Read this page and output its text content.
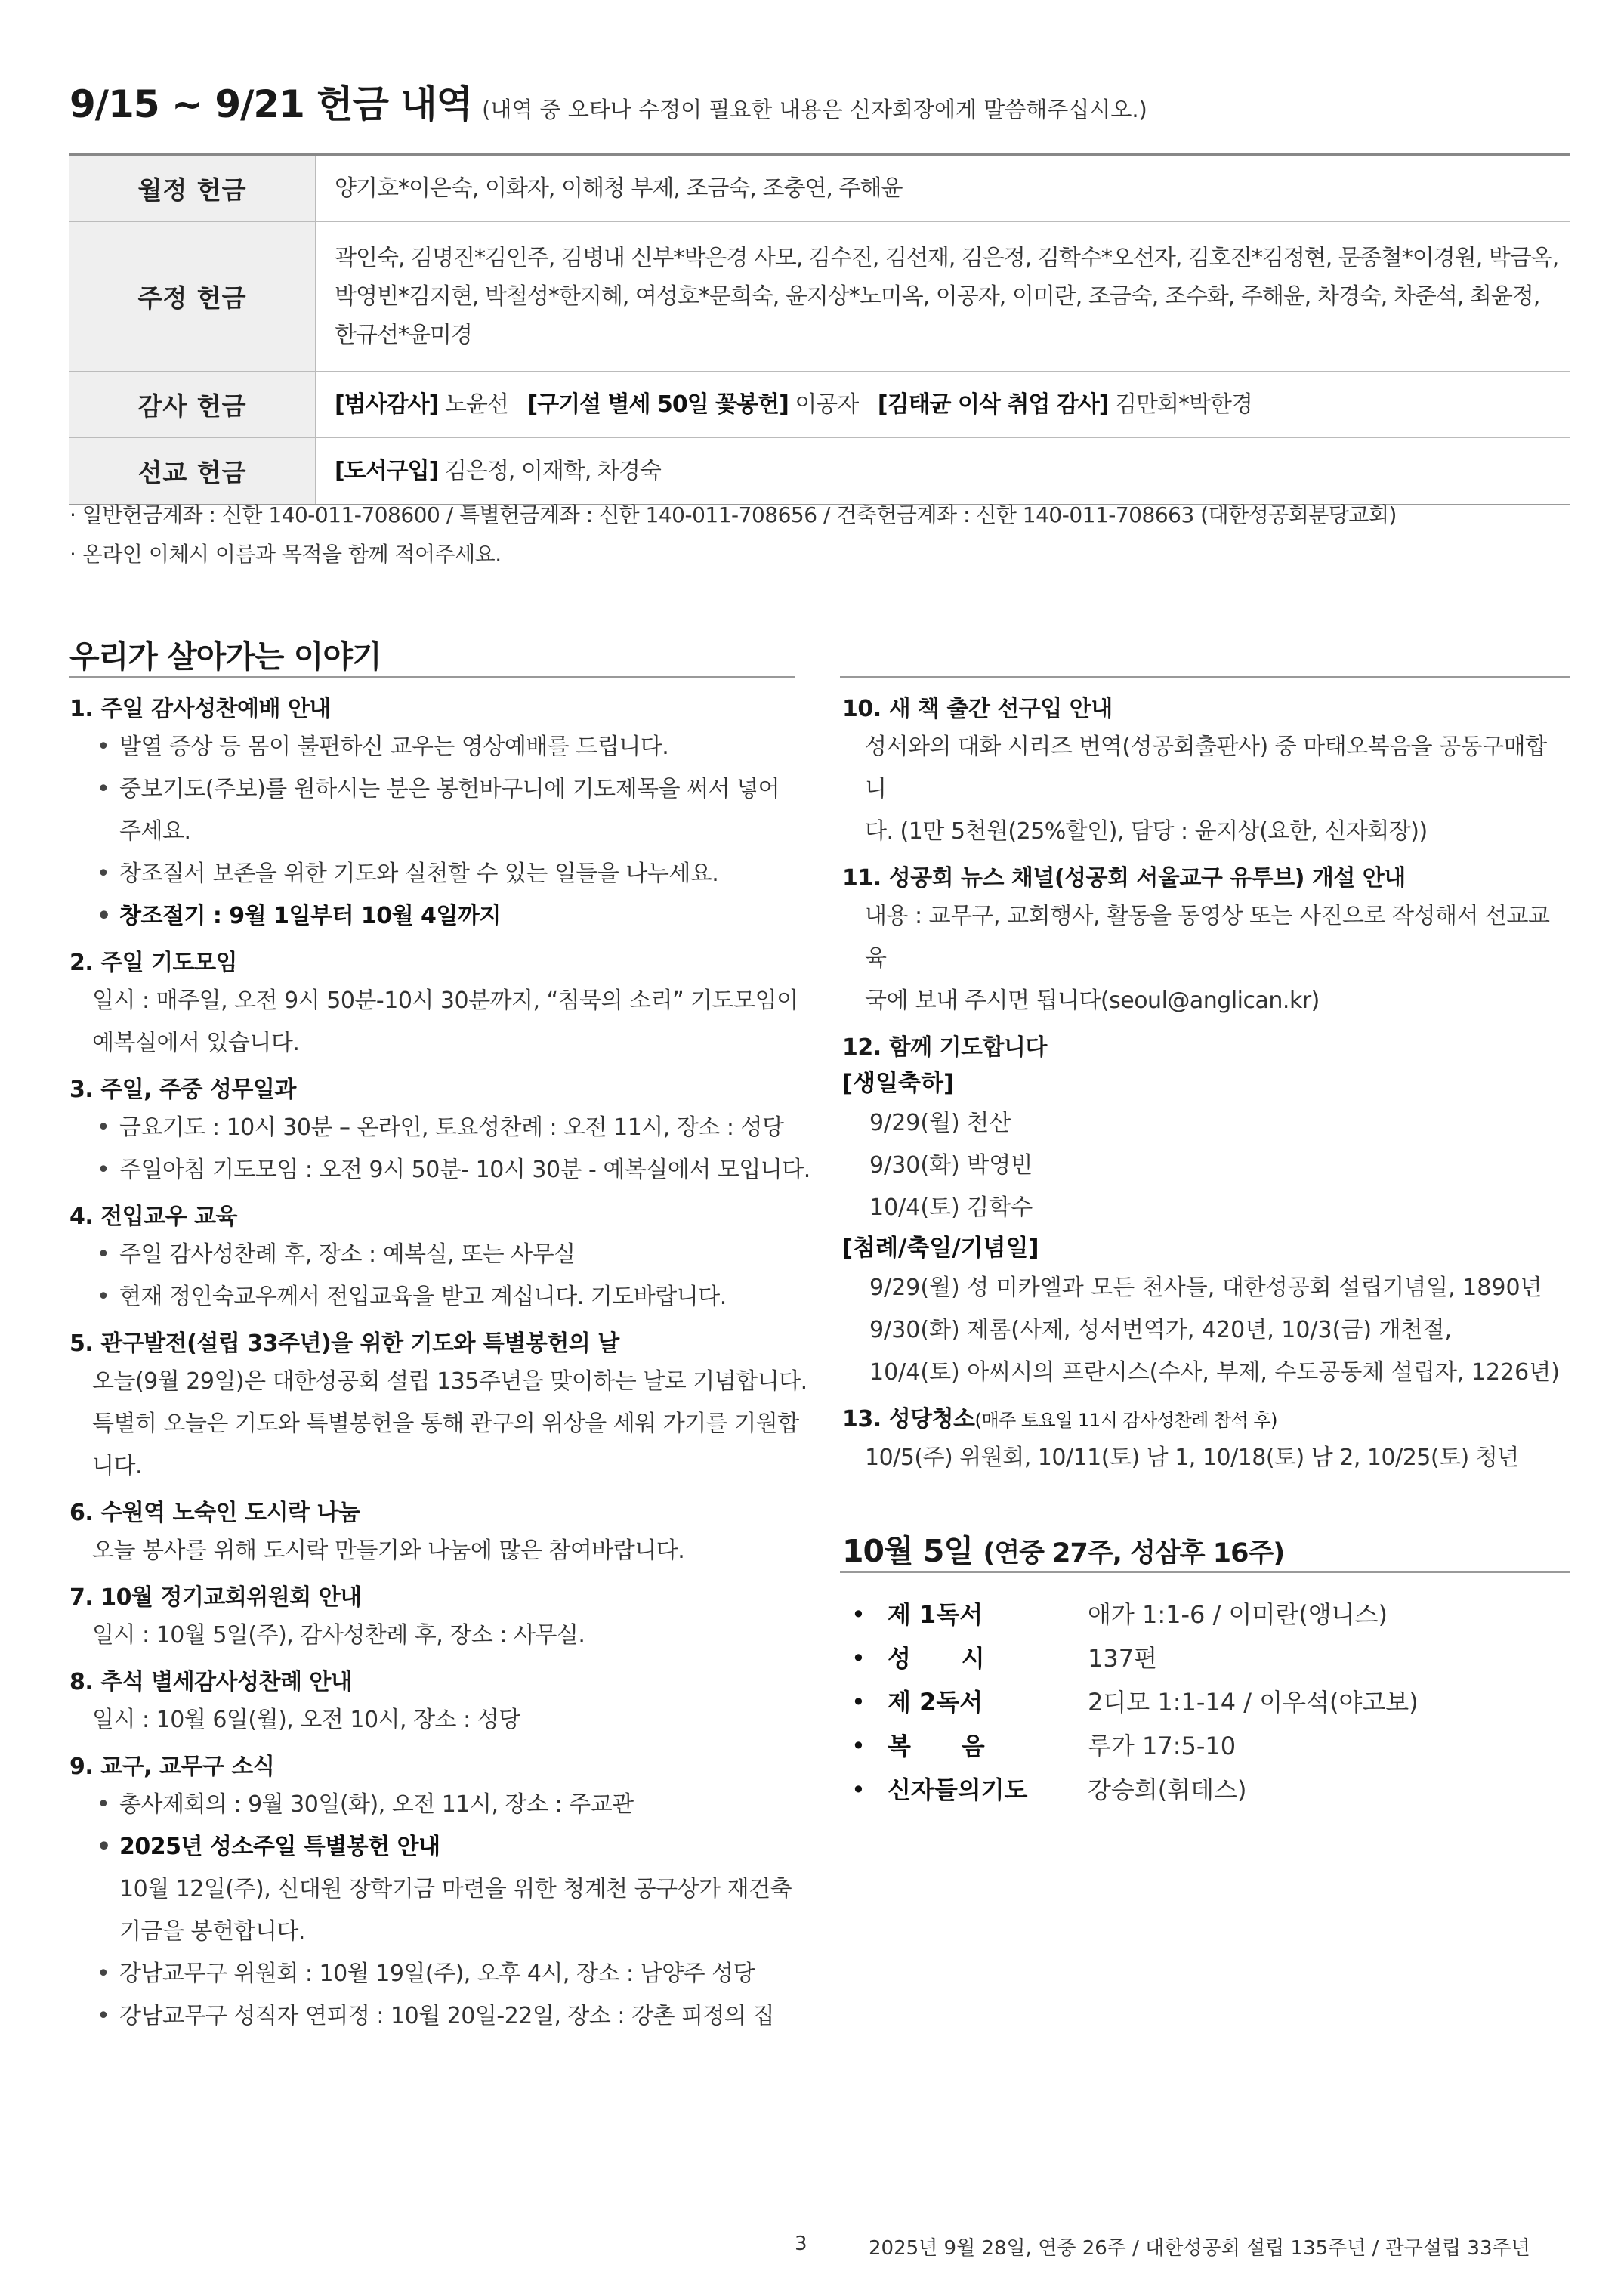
9/15 ~ 9/21 헌금 내역 (내역 중 오타나 수정이 필요한 내용은 신자회장에게 말씀해주십시오.)
월정 헌금	양기호*이은숙, 이화자, 이해청 부제, 조금숙, 조충연, 주해윤
주정 헌금	곽인숙, 김명진*김인주, 김병내 신부*박은경 사모, 김수진, 김선재, 김은정, 김학수*오선자, 김호진*김정현, 문종철*이경원, 박금옥,
박영빈*김지현, 박철성*한지혜, 여성호*문희숙, 윤지상*노미옥, 이공자, 이미란, 조금숙, 조수화, 주해윤, 차경숙, 차준석, 최윤정,
한규선*윤미경

감사 헌금	[범사감사] 노윤선 [구기설 별세 50일 꽃봉헌] 이공자 [김태균 이삭 취업 감사] 김만회*박한경
선교 헌금	[도서구입] 김은정, 이재학, 차경숙
· 일반헌금계좌 : 신한 140-011-708600 / 특별헌금계좌 : 신한 140-011-708656 / 건축헌금계좌 : 신한 140-011-708663 (대한성공회분당교회)
· 온라인 이체시 이름과 목적을 함께 적어주세요.
우리가 살아가는 이야기
1. 주일 감사성찬예배 안내
• 발열 증상 등 몸이 불편하신 교우는 영상예배를 드립니다.
• 중보기도(주보)를 원하시는 분은 봉헌바구니에 기도제목을 써서 넣어
주세요.
• 창조질서 보존을 위한 기도와 실천할 수 있는 일들을 나누세요.
• 창조절기 : 9월 1일부터 10월 4일까지
2. 주일 기도모임
일시 : 매주일, 오전 9시 50분-10시 30분까지, “침묵의 소리” 기도모임이
예복실에서 있습니다.
3. 주일, 주중 성무일과
• 금요기도 : 10시 30분 – 온라인, 토요성찬례 : 오전 11시, 장소 : 성당
• 주일아침 기도모임 : 오전 9시 50분- 10시 30분 - 예복실에서 모입니다.
4. 전입교우 교육
• 주일 감사성찬례 후, 장소 : 예복실, 또는 사무실
• 현재 정인숙교우께서 전입교육을 받고 계십니다. 기도바랍니다.
5. 관구발전(설립 33주년)을 위한 기도와 특별봉헌의 날
오늘(9월 29일)은 대한성공회 설립 135주년을 맞이하는 날로 기념합니다.
특별히 오늘은 기도와 특별봉헌을 통해 관구의 위상을 세워 가기를 기원합
니다.
6. 수원역 노숙인 도시락 나눔
오늘 봉사를 위해 도시락 만들기와 나눔에 많은 참여바랍니다.
7. 10월 정기교회위원회 안내
일시 : 10월 5일(주), 감사성찬례 후, 장소 : 사무실.
8. 추석 별세감사성찬례 안내
일시 : 10월 6일(월), 오전 10시, 장소 : 성당
9. 교구, 교무구 소식
• 총사제회의 : 9월 30일(화), 오전 11시, 장소 : 주교관
• 2025년 성소주일 특별봉헌 안내
10월 12일(주), 신대원 장학기금 마련을 위한 청계천 공구상가 재건축
기금을 봉헌합니다.
• 강남교무구 위원회 : 10월 19일(주), 오후 4시, 장소 : 남양주 성당
• 강남교무구 성직자 연피정 : 10월 20일-22일, 장소 : 강촌 피정의 집
10. 새 책 출간 선구입 안내
성서와의 대화 시리즈 번역(성공회출판사) 중 마태오복음을 공동구매합니
다. (1만 5천원(25%할인), 담당 : 윤지상(요한, 신자회장))
11. 성공회 뉴스 채널(성공회 서울교구 유투브) 개설 안내
내용 : 교무구, 교회행사, 활동을 동영상 또는 사진으로 작성해서 선교교육
국에 보내 주시면 됩니다(seoul@anglican.kr)
12. 함께 기도합니다
[생일축하]
9/29(월) 천산
9/30(화) 박영빈
10/4(토) 김학수
[첨례/축일/기념일]
9/29(월) 성 미카엘과 모든 천사들, 대한성공회 설립기념일, 1890년
9/30(화) 제롬(사제, 성서번역가, 420년, 10/3(금) 개천절,
10/4(토) 아씨시의 프란시스(수사, 부제, 수도공동체 설립자, 1226년)
13. 성당청소(매주 토요일 11시 감사성찬례 참석 후)
10/5(주) 위원회, 10/11(토) 남 1, 10/18(토) 남 2, 10/25(토) 청년
10월 5일 (연중 27주, 성삼후 16주)
• 제 1독서	애가 1:1-6 / 이미란(앵니스)
• 성      시	137편
• 제 2독서	2디모 1:1-14 / 이우석(야고보)
• 복      음	루가 17:5-10
• 신자들의기도	강승희(휘데스)
3	2025년 9월 28일, 연중 26주 / 대한성공회 설립 135주년 / 관구설립 33주년
